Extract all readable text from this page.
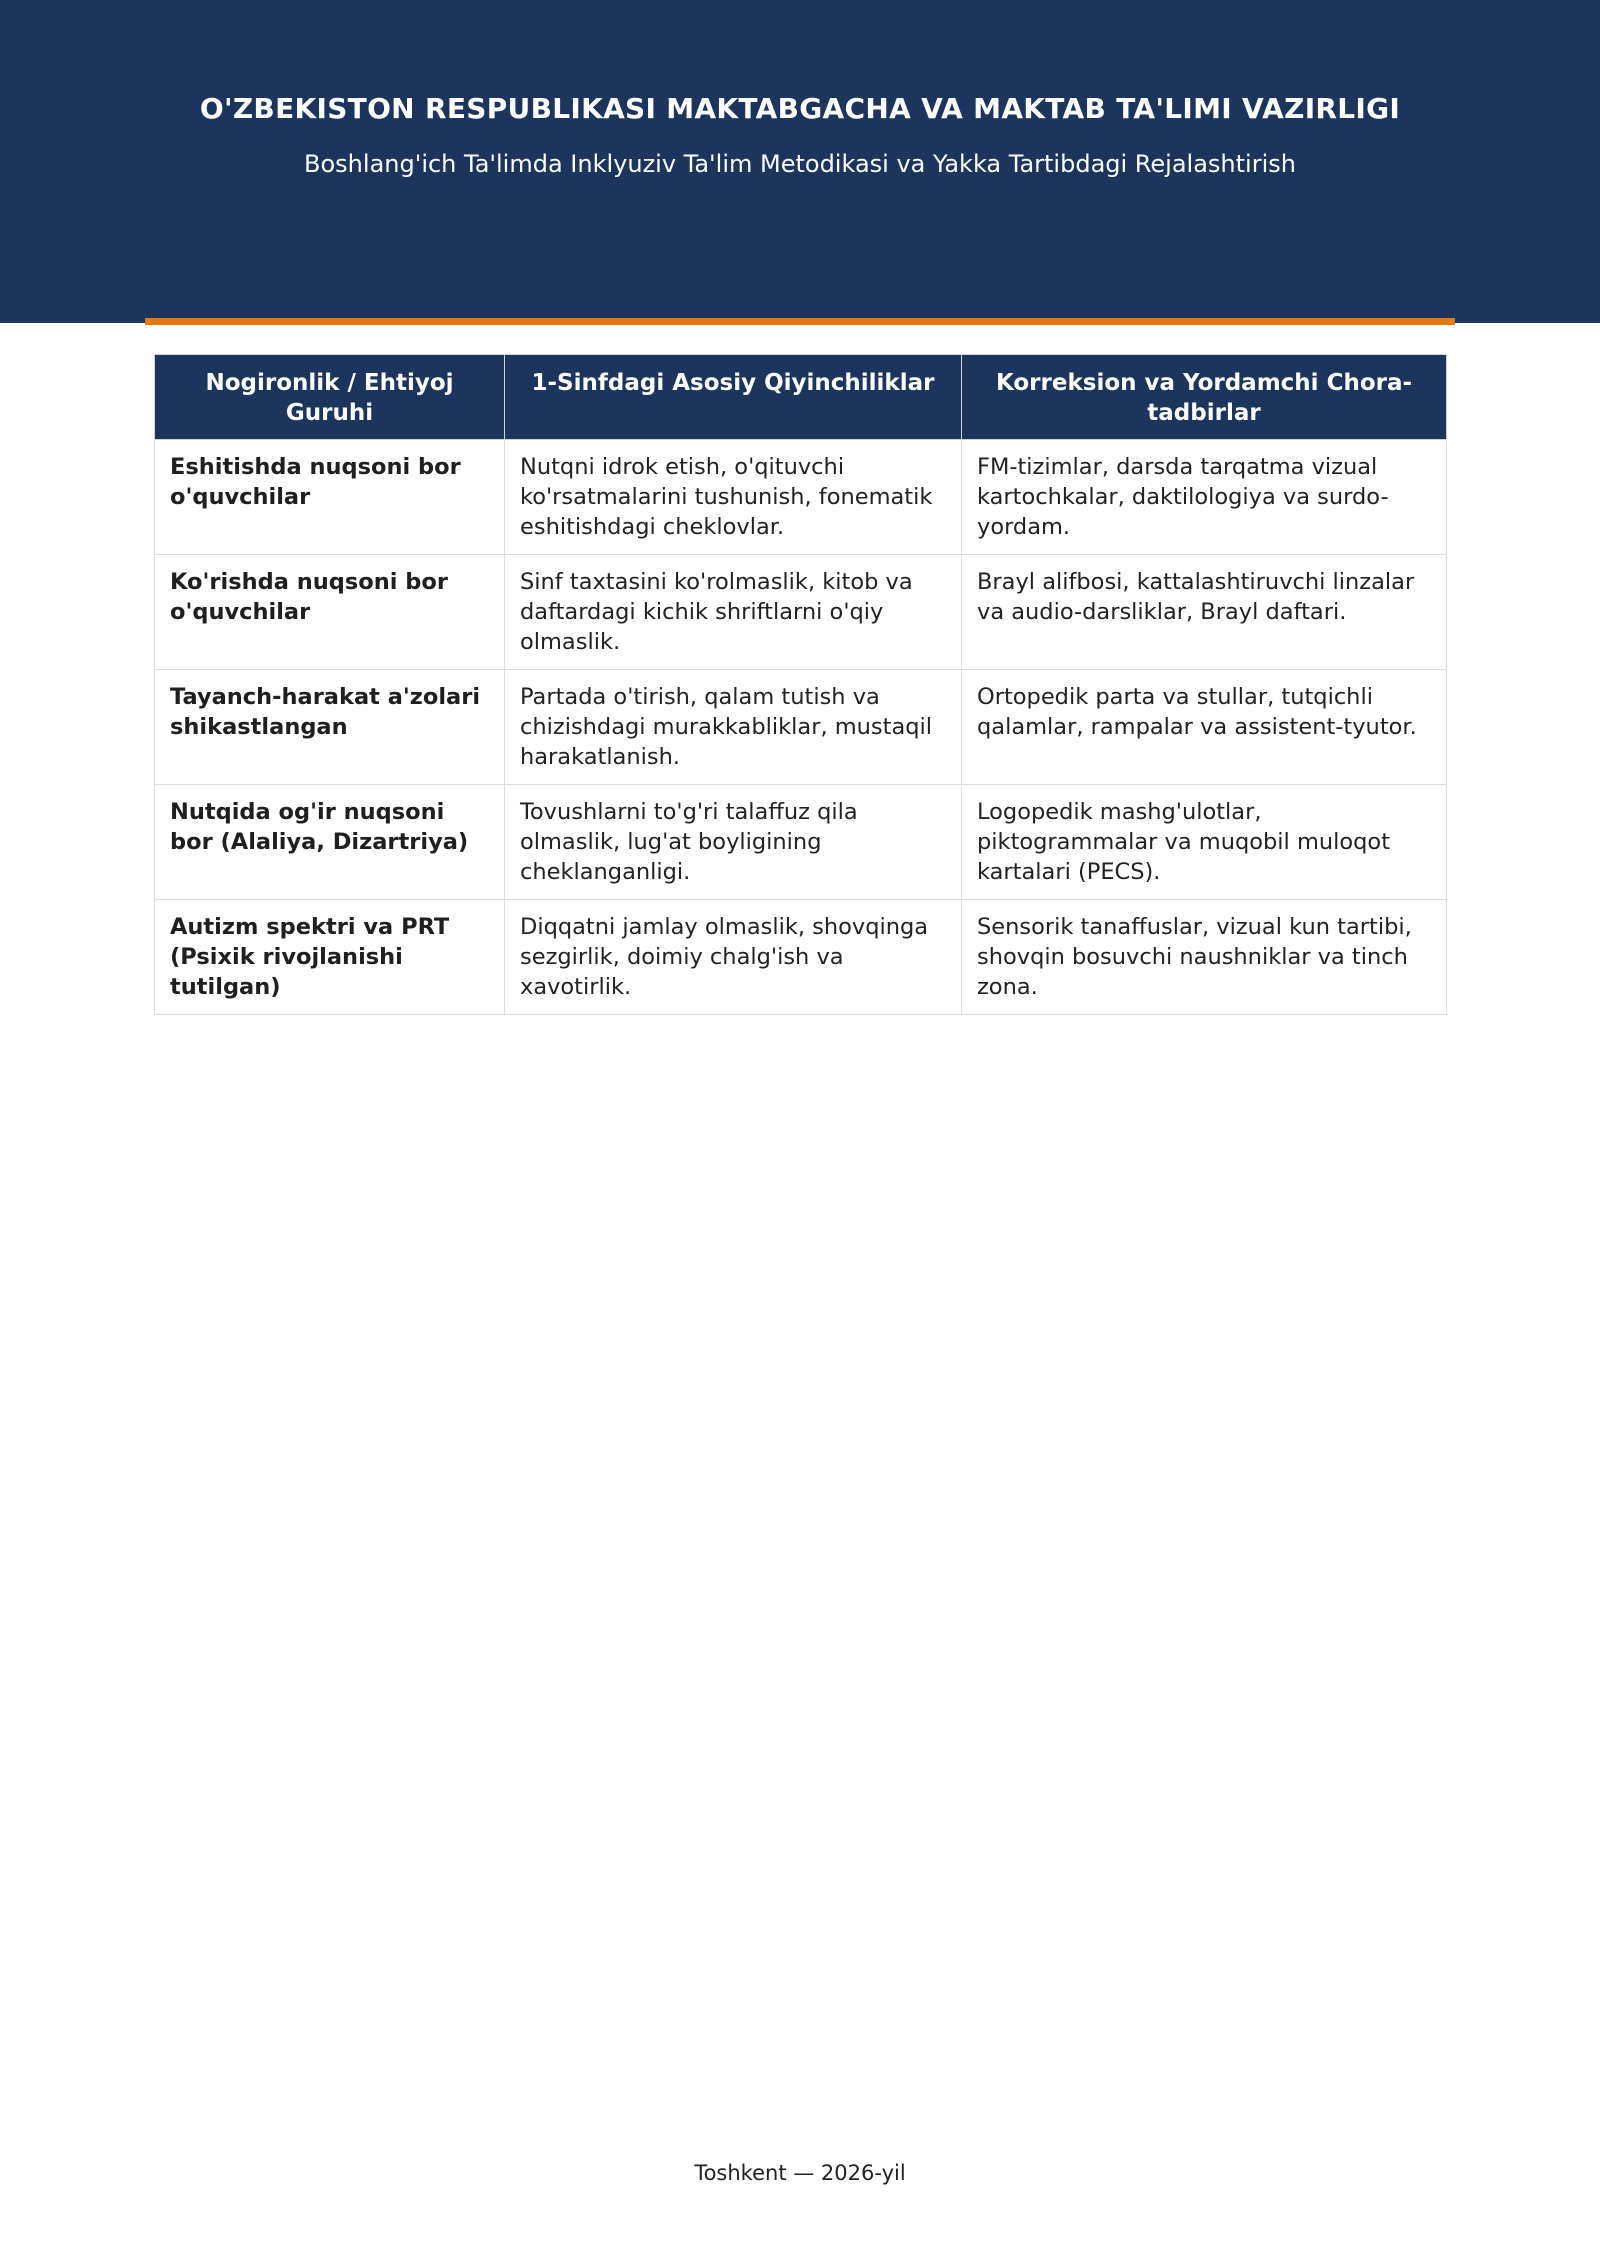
O'ZBEKISTON RESPUBLIKASI MAKTABGACHA VA MAKTAB TA'LIMI VAZIRLIGI
Boshlang'ich Ta'limda Inklyuziv Ta'lim Metodikasi va Yakka Tartibdagi Rejalashtirish
Nogironlik / Ehtiyoj Guruhi	1-Sinfdagi Asosiy Qiyinchiliklar	Korreksion va Yordamchi Chora-tadbirlar
Eshitishda nuqsoni bor o'quvchilar	Nutqni idrok etish, o'qituvchi ko'rsatmalarini tushunish, fonematik eshitishdagi cheklovlar.	FM-tizimlar, darsda tarqatma vizual kartochkalar, daktilologiya va surdo-yordam.
Ko'rishda nuqsoni bor o'quvchilar	Sinf taxtasini ko'rolmaslik, kitob va daftardagi kichik shriftlarni o'qiy olmaslik.	Brayl alifbosi, kattalashtiruvchi linzalar va audio-darsliklar, Brayl daftari.
Tayanch-harakat a'zolari shikastlangan	Partada o'tirish, qalam tutish va chizishdagi murakkabliklar, mustaqil harakatlanish.	Ortopedik parta va stullar, tutqichli qalamlar, rampalar va assistent-tyutor.
Nutqida og'ir nuqsoni bor (Alaliya, Dizartriya)	Tovushlarni to'g'ri talaffuz qila olmaslik, lug'at boyligining cheklanganligi.	Logopedik mashg'ulotlar, piktogrammalar va muqobil muloqot kartalari (PECS).
Autizm spektri va PRT (Psixik rivojlanishi tutilgan)	Diqqatni jamlay olmaslik, shovqinga sezgirlik, doimiy chalg'ish va xavotirlik.	Sensorik tanaffuslar, vizual kun tartibi, shovqin bosuvchi naushniklar va tinch zona.
Toshkent — 2026-yil
